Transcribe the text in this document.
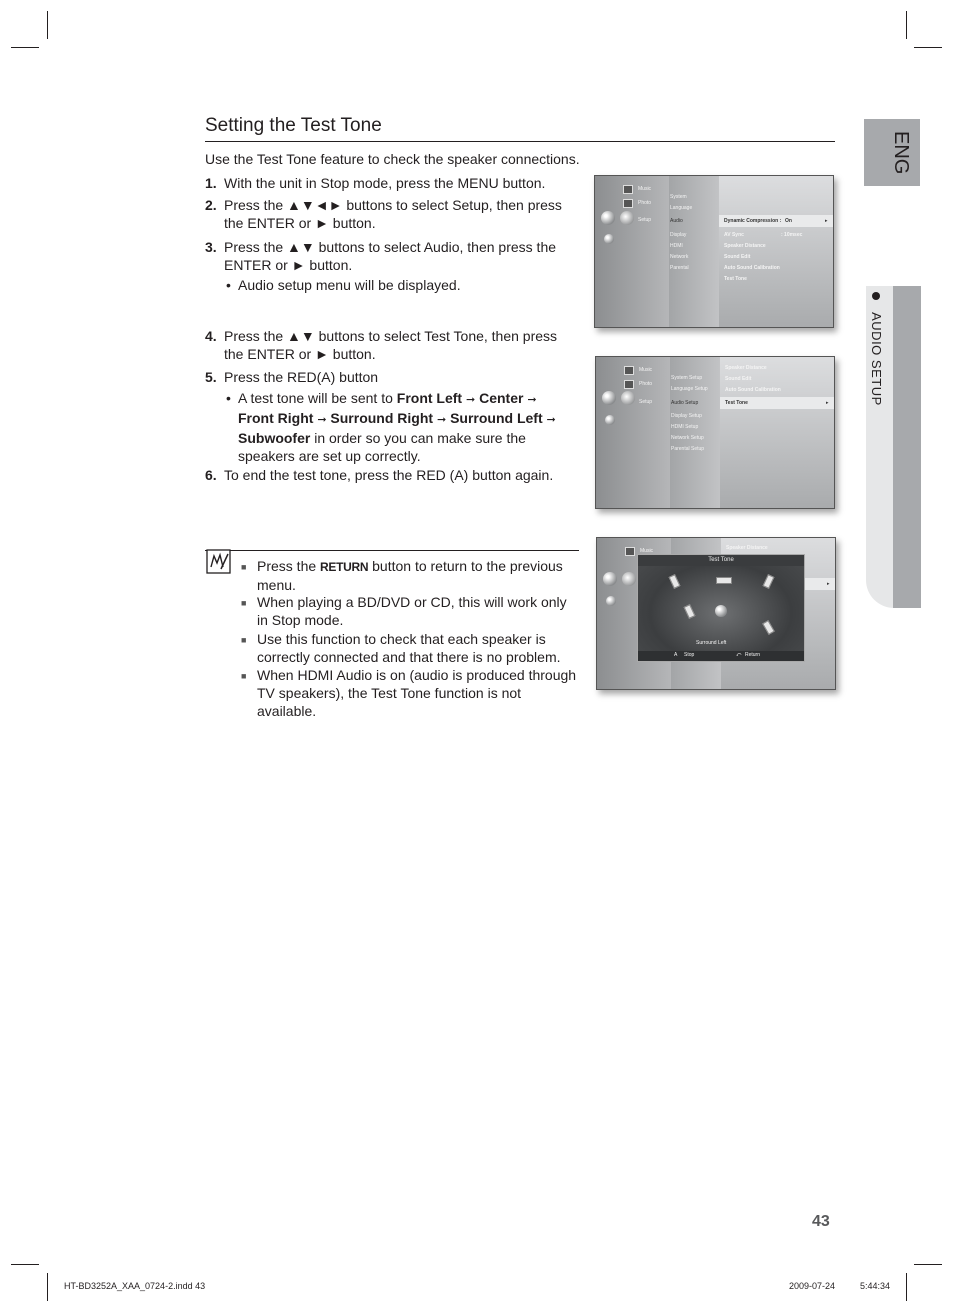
ENG
AUDIO SETUP
Setting the Test Tone
Use the Test Tone feature to check the speaker connections.
1. With the unit in Stop mode, press the MENU button.
2. Press the ▲▼◄► buttons to select Setup, then press the ENTER or ► button.
3. Press the ▲▼ buttons to select Audio, then press the ENTER or ► button.
• Audio setup menu will be displayed.
4. Press the ▲▼ buttons to select Test Tone, then press the ENTER or ► button.
5. Press the RED(A) button
• A test tone will be sent to Front Left ➞ Center ➞ Front Right ➞ Surround Right ➞ Surround Left ➞ Subwoofer in order so you can make sure the speakers are set up correctly.
6. To end the test tone, press the RED (A) button again.
■ Press the RETURN button to return to the previous menu.
■ When playing a BD/DVD or CD, this will work only in Stop mode.
■ Use this function to check that each speaker is correctly connected and that there is no problem.
■ When HDMI Audio is on (audio is produced through TV speakers), the Test Tone function is not available.
Music
Photo
Setup
System
Language
Audio
Display
HDMI
Network
Parental
Dynamic Compression : On	▸
AV Sync	: 10msec
Speaker Distance
Sound Edit
Auto Sound Calibration
Test Tone
Music
Photo
Setup
System Setup
Language Setup
Audio Setup
Display Setup
HDMI Setup
Network Setup
Parental Setup
Speaker Distance
Sound Edit
Auto Sound Calibration
Test Tone	▸
Music	Speaker Distance
▸
Test Tone
Surround Left
A Stop	⤺ Return
43
HT-BD3252A_XAA_0724-2.indd 43	2009-07-24	5:44:34
